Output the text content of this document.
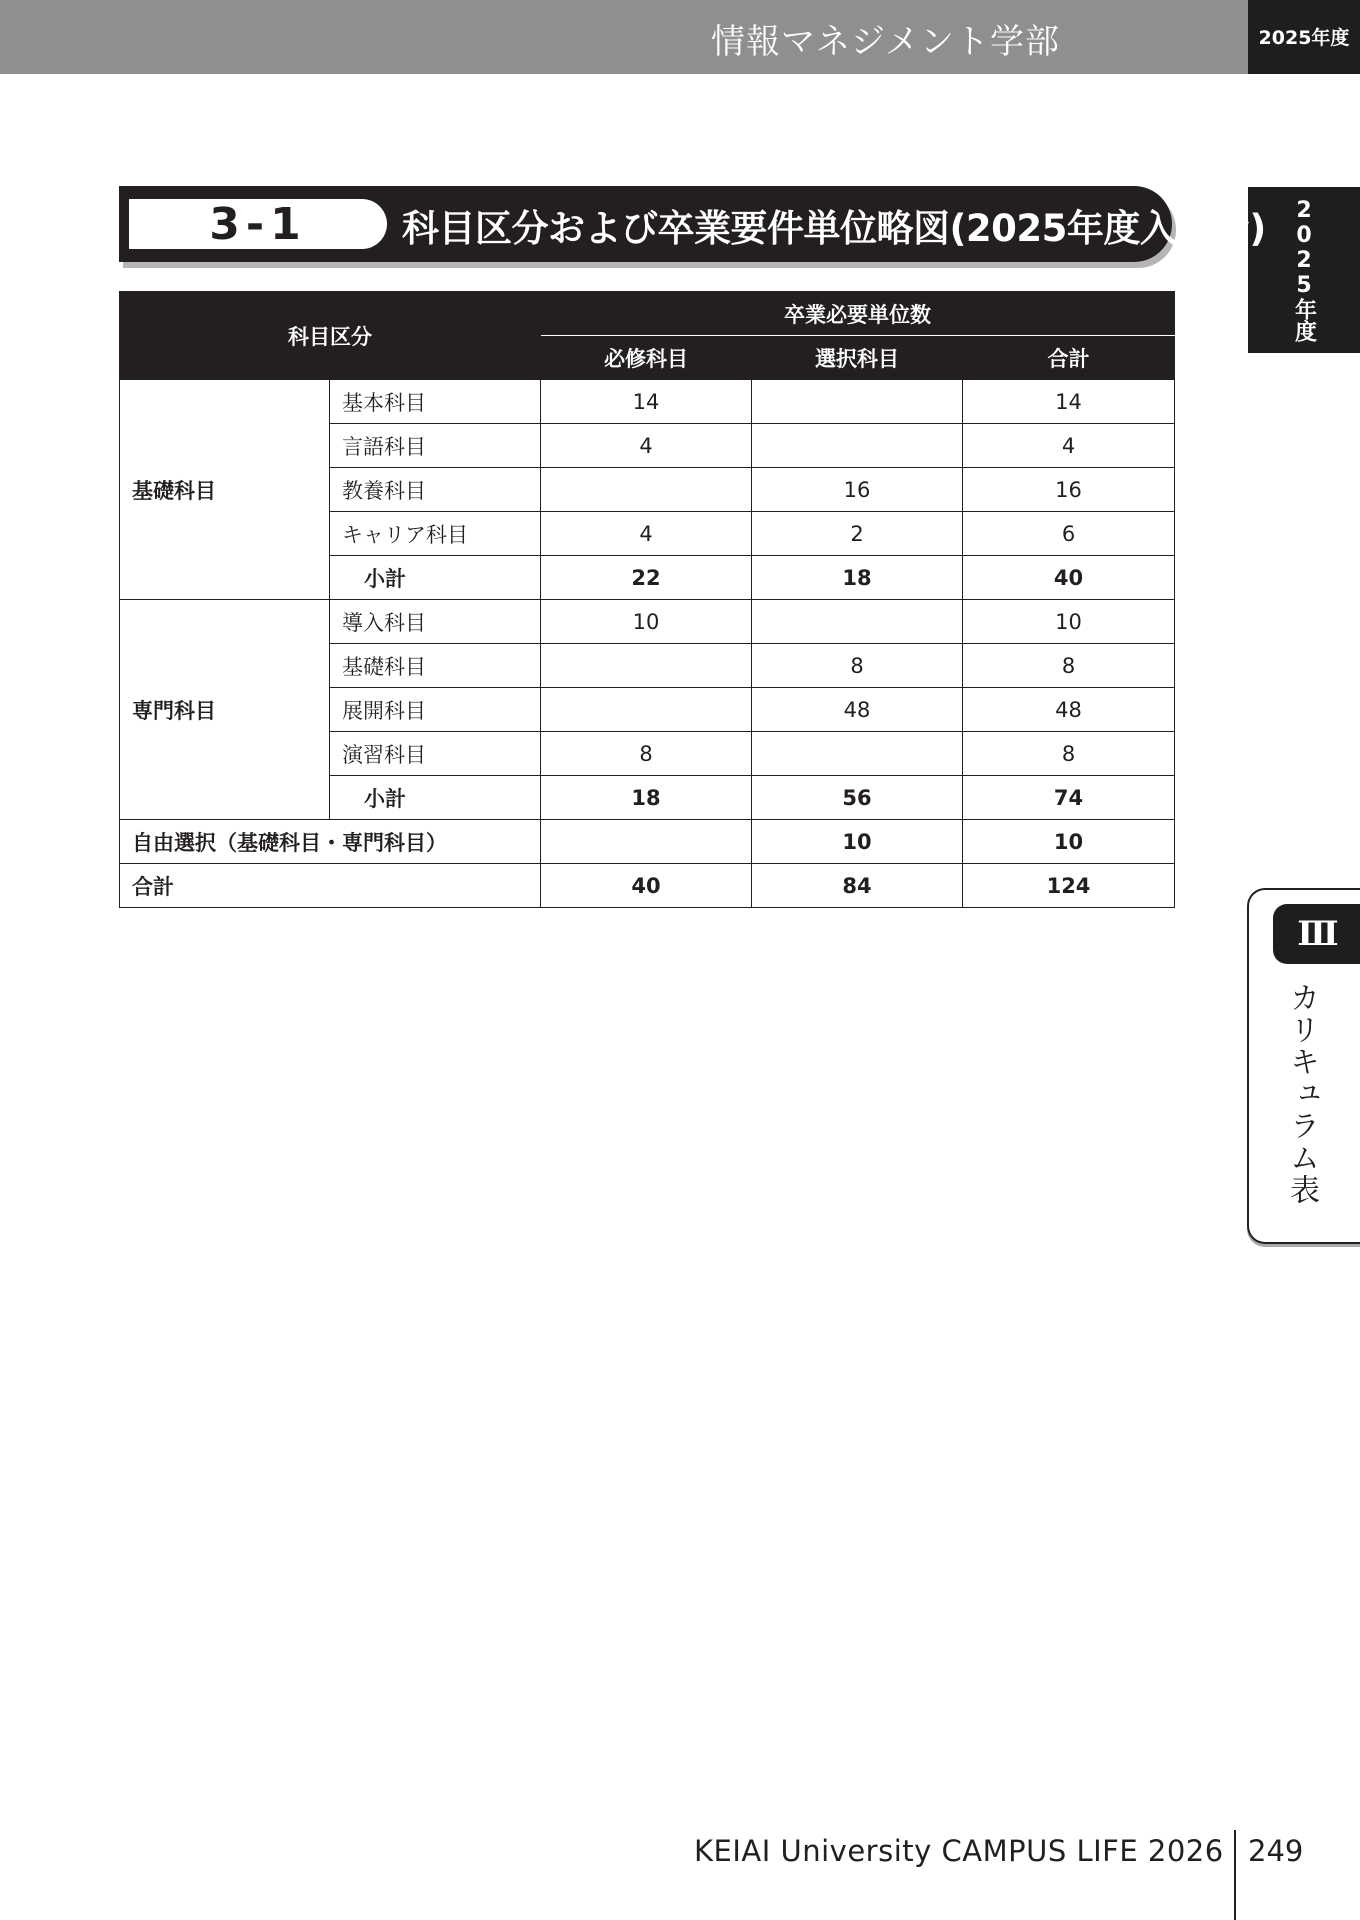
情報マネジメント学部	2025年度
2025年度
Ⅲ
カリキュラム表
3-1	科目区分および卒業要件単位略図(2025年度入学者)
科目区分		卒業必要単位数		
		必修科目	選択科目	合計
基礎科目	基本科目	14		14
	言語科目	4		4
	教養科目		16	16
	キャリア科目	4	2	6
	小計	22	18	40
専門科目	導入科目	10		10
	基礎科目		8	8
	展開科目		48	48
	演習科目	8		8
	小計	18	56	74
自由選択（基礎科目・専門科目）			10	10
合計		40	84	124
KEIAI University CAMPUS LIFE 2026 249
